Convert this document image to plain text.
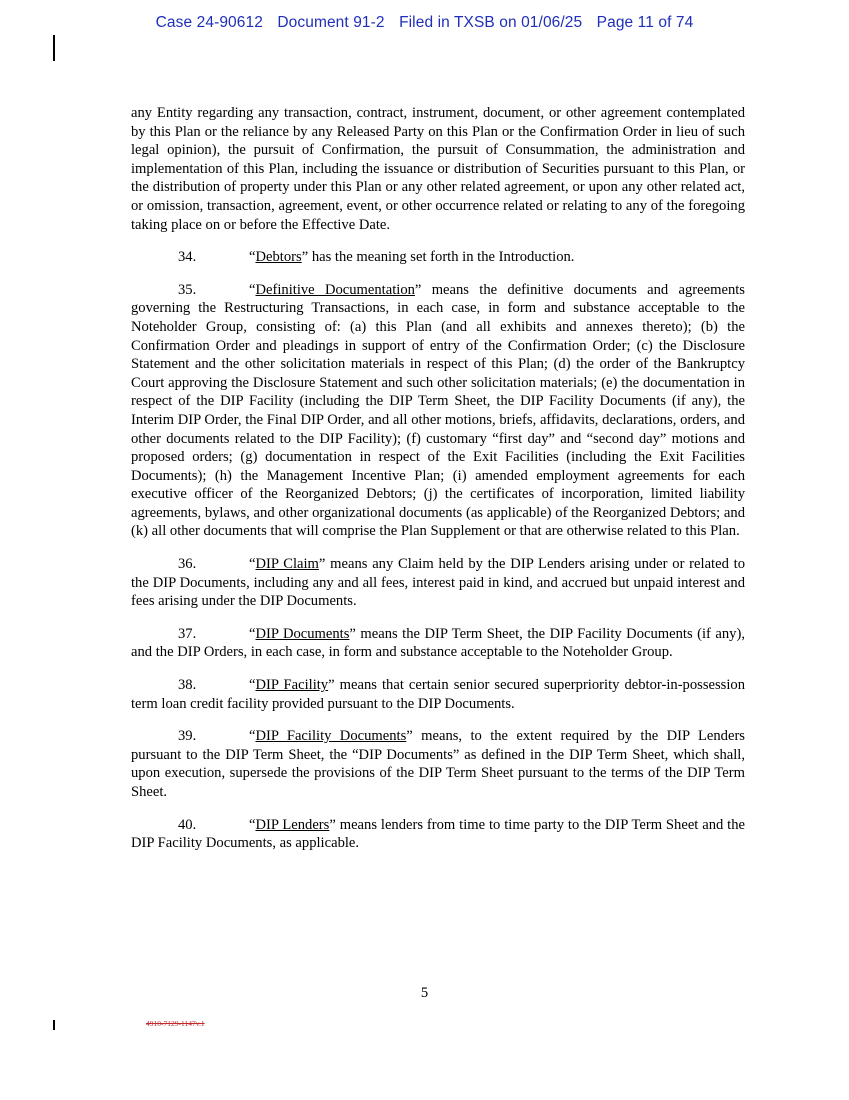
Case 24-90612 Document 91-2 Filed in TXSB on 01/06/25 Page 11 of 74

any Entity regarding any transaction, contract, instrument, document, or other agreement contemplated by this Plan or the reliance by any Released Party on this Plan or the Confirmation Order in lieu of such legal opinion), the pursuit of Confirmation, the pursuit of Consummation, the administration and implementation of this Plan, including the issuance or distribution of Securities pursuant to this Plan, or the distribution of property under this Plan or any other related agreement, or upon any other related act, or omission, transaction, agreement, event, or other occurrence related or relating to any of the foregoing taking place on or before the Effective Date.

34.	“Debtors” has the meaning set forth in the Introduction.

35.	“Definitive Documentation” means the definitive documents and agreements governing the Restructuring Transactions, in each case, in form and substance acceptable to the Noteholder Group, consisting of: (a) this Plan (and all exhibits and annexes thereto); (b) the Confirmation Order and pleadings in support of entry of the Confirmation Order; (c) the Disclosure Statement and the other solicitation materials in respect of this Plan; (d) the order of the Bankruptcy Court approving the Disclosure Statement and such other solicitation materials; (e) the documentation in respect of the DIP Facility (including the DIP Term Sheet, the DIP Facility Documents (if any), the Interim DIP Order, the Final DIP Order, and all other motions, briefs, affidavits, declarations, orders, and other documents related to the DIP Facility); (f) customary “first day” and “second day” motions and proposed orders; (g) documentation in respect of the Exit Facilities (including the Exit Facilities Documents); (h) the Management Incentive Plan; (i) amended employment agreements for each executive officer of the Reorganized Debtors; (j) the certificates of incorporation, limited liability agreements, bylaws, and other organizational documents (as applicable) of the Reorganized Debtors; and (k) all other documents that will comprise the Plan Supplement or that are otherwise related to this Plan.

36.	“DIP Claim” means any Claim held by the DIP Lenders arising under or related to the DIP Documents, including any and all fees, interest paid in kind, and accrued but unpaid interest and fees arising under the DIP Documents.

37.	“DIP Documents” means the DIP Term Sheet, the DIP Facility Documents (if any), and the DIP Orders, in each case, in form and substance acceptable to the Noteholder Group.

38.	“DIP Facility” means that certain senior secured superpriority debtor-in-possession term loan credit facility provided pursuant to the DIP Documents.

39.	“DIP Facility Documents” means, to the extent required by the DIP Lenders pursuant to the DIP Term Sheet, the “DIP Documents” as defined in the DIP Term Sheet, which shall, upon execution, supersede the provisions of the DIP Term Sheet pursuant to the terms of the DIP Term Sheet.

40.	“DIP Lenders” means lenders from time to time party to the DIP Term Sheet and the DIP Facility Documents, as applicable.

5
4910-7129-1147v.1
